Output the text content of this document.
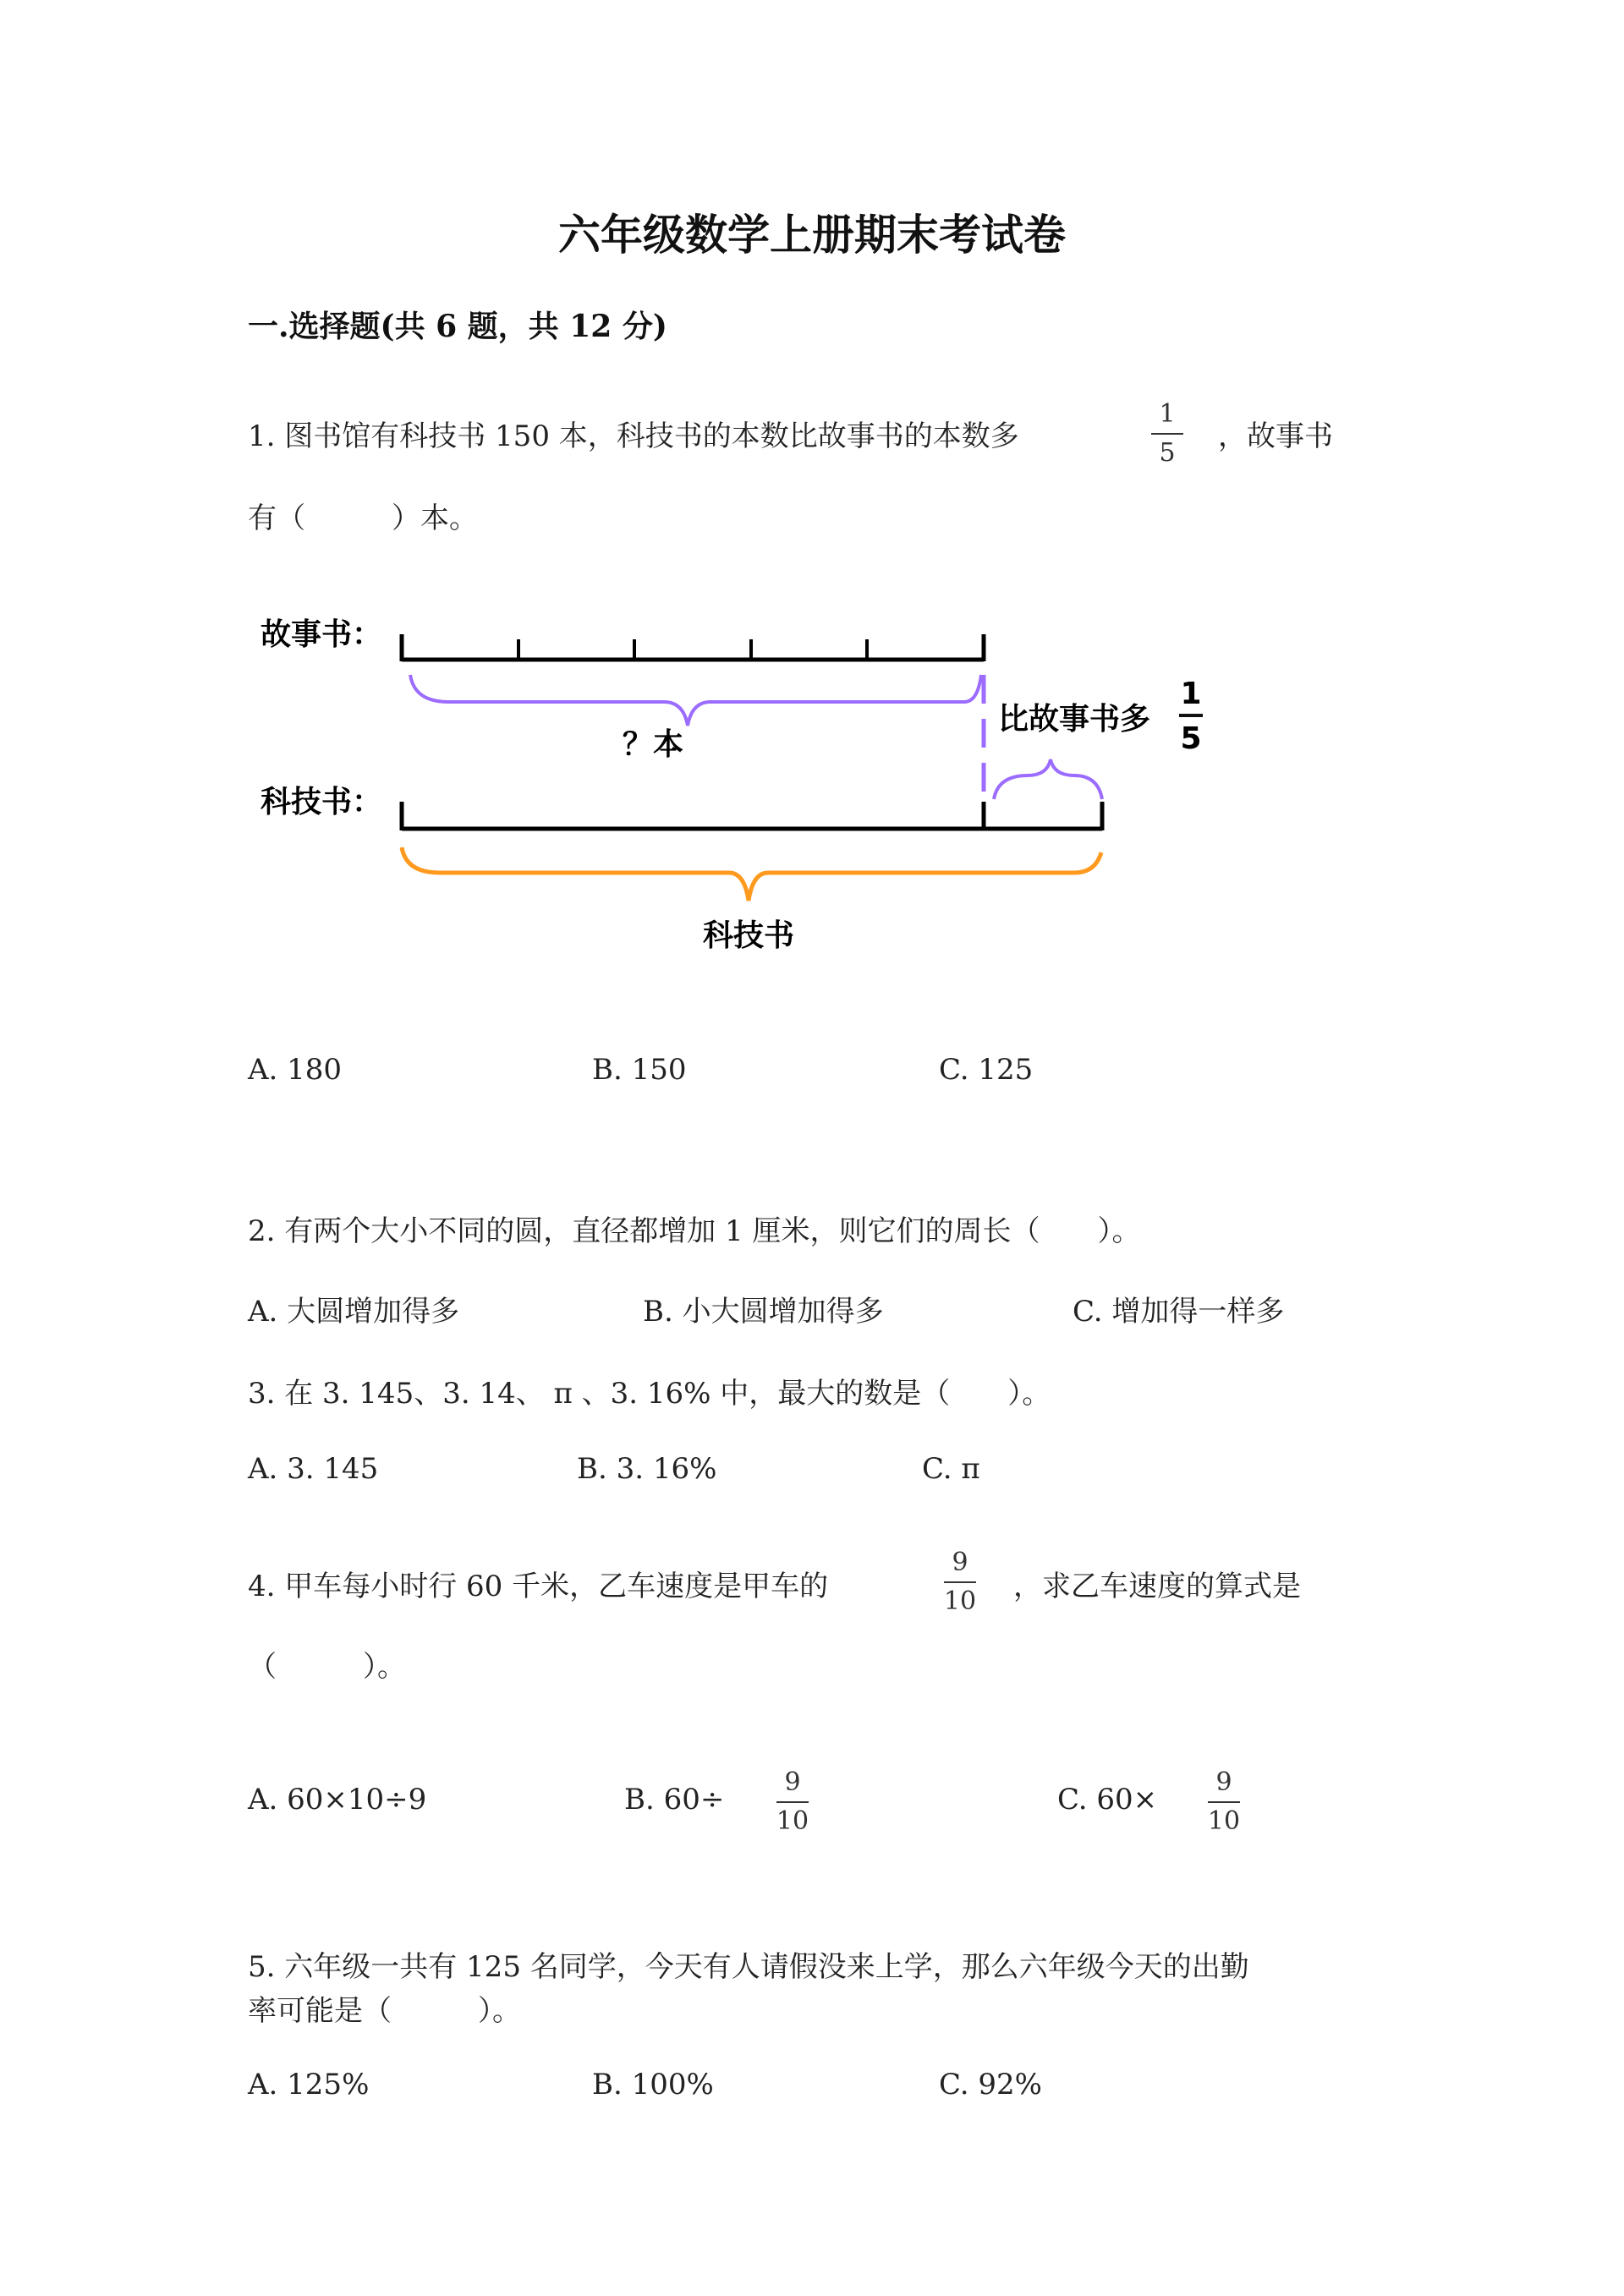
六年级数学上册期末考试卷
一.选择题(共 6 题，共 12 分)
1. 图书馆有科技书 150 本，科技书的本数比故事书的本数多
1
5	，故事书
有（　　　）本。
故事书：
？本
比故事书多
1
5
科技书：
科技书
A. 180	B. 150	C. 125
2. 有两个大小不同的圆，直径都增加 1 厘米，则它们的周长（　　）。
A. 大圆增加得多	B. 小大圆增加得多	C. 增加得一样多
3. 在 3. 145、3. 14、 π 、3. 16% 中，最大的数是（　　）。
A. 3. 145	B. 3. 16%	C. π
4. 甲车每小时行 60 千米，乙车速度是甲车的
9
10 ，求乙车速度的算式是
（　　　）。
A. 60×10÷9	B. 60÷
9
10
C. 60×
9
10
5. 六年级一共有 125 名同学，今天有人请假没来上学，那么六年级今天的出勤
率可能是（　　　）。
A. 125%	B. 100%	C. 92%
